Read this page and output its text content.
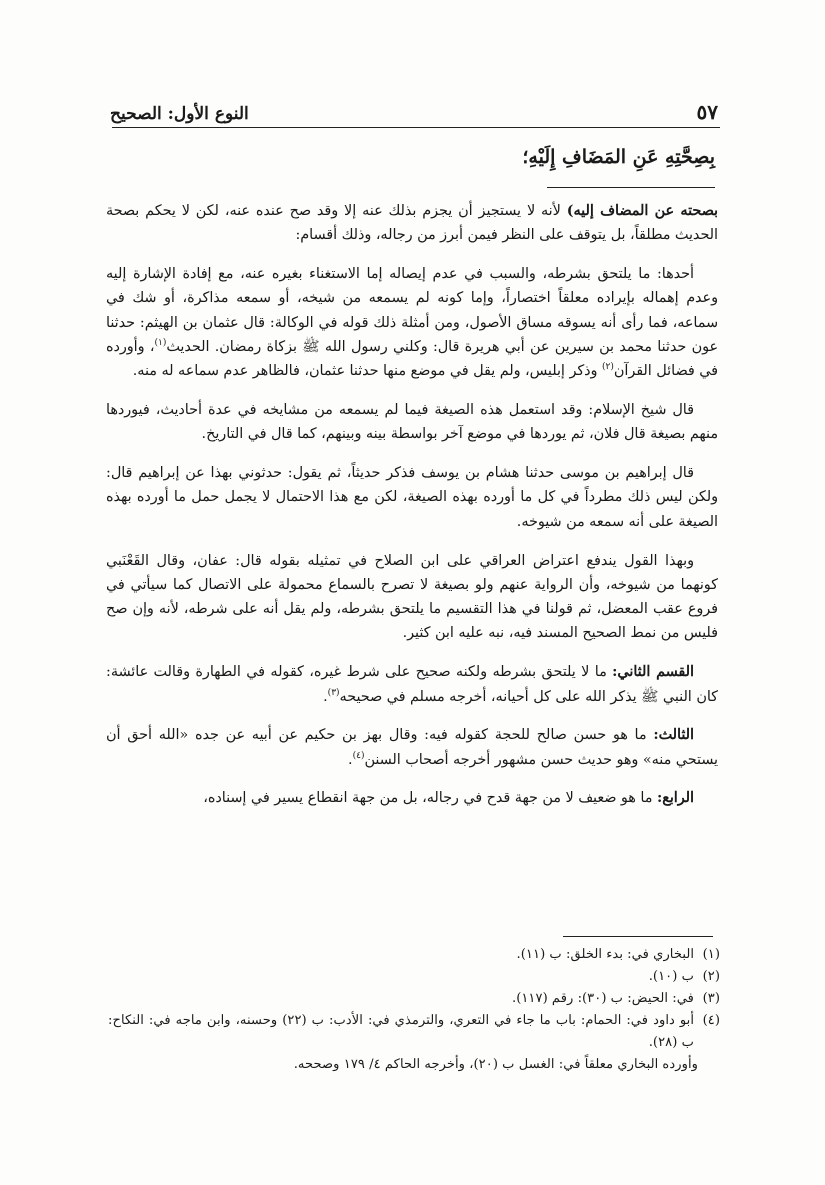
٥٧
النوع الأول: الصحيح
بِصِحَّتِهِ عَنِ المَضَافِ إِلَيْهِ؛

بصحته عن المضاف إليه) لأنه لا يستجيز أن يجزم بذلك عنه إلا وقد صح عنده عنه، لكن لا يحكم بصحة الحديث مطلقاً، بل يتوقف على النظر فيمن أبرز من رجاله، وذلك أقسام:

أحدها: ما يلتحق بشرطه، والسبب في عدم إيصاله إما الاستغناء بغيره عنه، مع إفادة الإشارة إليه وعدم إهماله بإيراده معلقاً اختصاراً، وإما كونه لم يسمعه من شيخه، أو سمعه مذاكرة، أو شك في سماعه، فما رأى أنه يسوقه مساق الأصول، ومن أمثلة ذلك قوله في الوكالة: قال عثمان بن الهيثم: حدثنا عون حدثنا محمد بن سيرين عن أبي هريرة قال: وكلني رسول الله ﷺ بزكاة رمضان. الحديث$^{(١)}$، وأورده في فضائل القرآن$^{(٢)}$ وذكر إبليس، ولم يقل في موضع منها حدثنا عثمان، فالظاهر عدم سماعه له منه.

قال شيخ الإسلام: وقد استعمل هذه الصيغة فيما لم يسمعه من مشايخه في عدة أحاديث، فيوردها منهم بصيغة قال فلان، ثم يوردها في موضع آخر بواسطة بينه وبينهم، كما قال في التاريخ.

قال إبراهيم بن موسى حدثنا هشام بن يوسف فذكر حديثاً، ثم يقول: حدثوني بهذا عن إبراهيم قال: ولكن ليس ذلك مطرداً في كل ما أورده بهذه الصيغة، لكن مع هذا الاحتمال لا يجمل حمل ما أورده بهذه الصيغة على أنه سمعه من شيوخه.

وبهذا القول يندفع اعتراض العراقي على ابن الصلاح في تمثيله بقوله قال: عفان، وقال القَعْنَبي كونهما من شيوخه، وأن الرواية عنهم ولو بصيغة لا تصرح بالسماع محمولة على الاتصال كما سيأتي في فروع عقب المعضل، ثم قولنا في هذا التقسيم ما يلتحق بشرطه، ولم يقل أنه على شرطه، لأنه وإن صح فليس من نمط الصحيح المسند فيه، نبه عليه ابن كثير.

القسم الثاني: ما لا يلتحق بشرطه ولكنه صحيح على شرط غيره، كقوله في الطهارة وقالت عائشة: كان النبي ﷺ يذكر الله على كل أحيانه، أخرجه مسلم في صحيحه$^{(٣)}$.

الثالث: ما هو حسن صالح للحجة كقوله فيه: وقال بهز بن حكيم عن أبيه عن جده «الله أحق أن يستحي منه» وهو حديث حسن مشهور أخرجه أصحاب السنن$^{(٤)}$.

الرابع: ما هو ضعيف لا من جهة قدح في رجاله، بل من جهة انقطاع يسير في إسناده،

(١)
البخاري في: بدء الخلق: ب (١١).
(٢)
ب (١٠).
(٣)
في: الحيض: ب (٣٠): رقم (١١٧).
(٤)
أبو داود في: الحمام: باب ما جاء في التعري، والترمذي في: الأدب: ب (٢٢) وحسنه، وابن ماجه في: النكاح: ب (٢٨).
وأورده البخاري معلقاً في: الغسل ب (٢٠)، وأخرجه الحاكم ٤/ ١٧٩ وصححه.
